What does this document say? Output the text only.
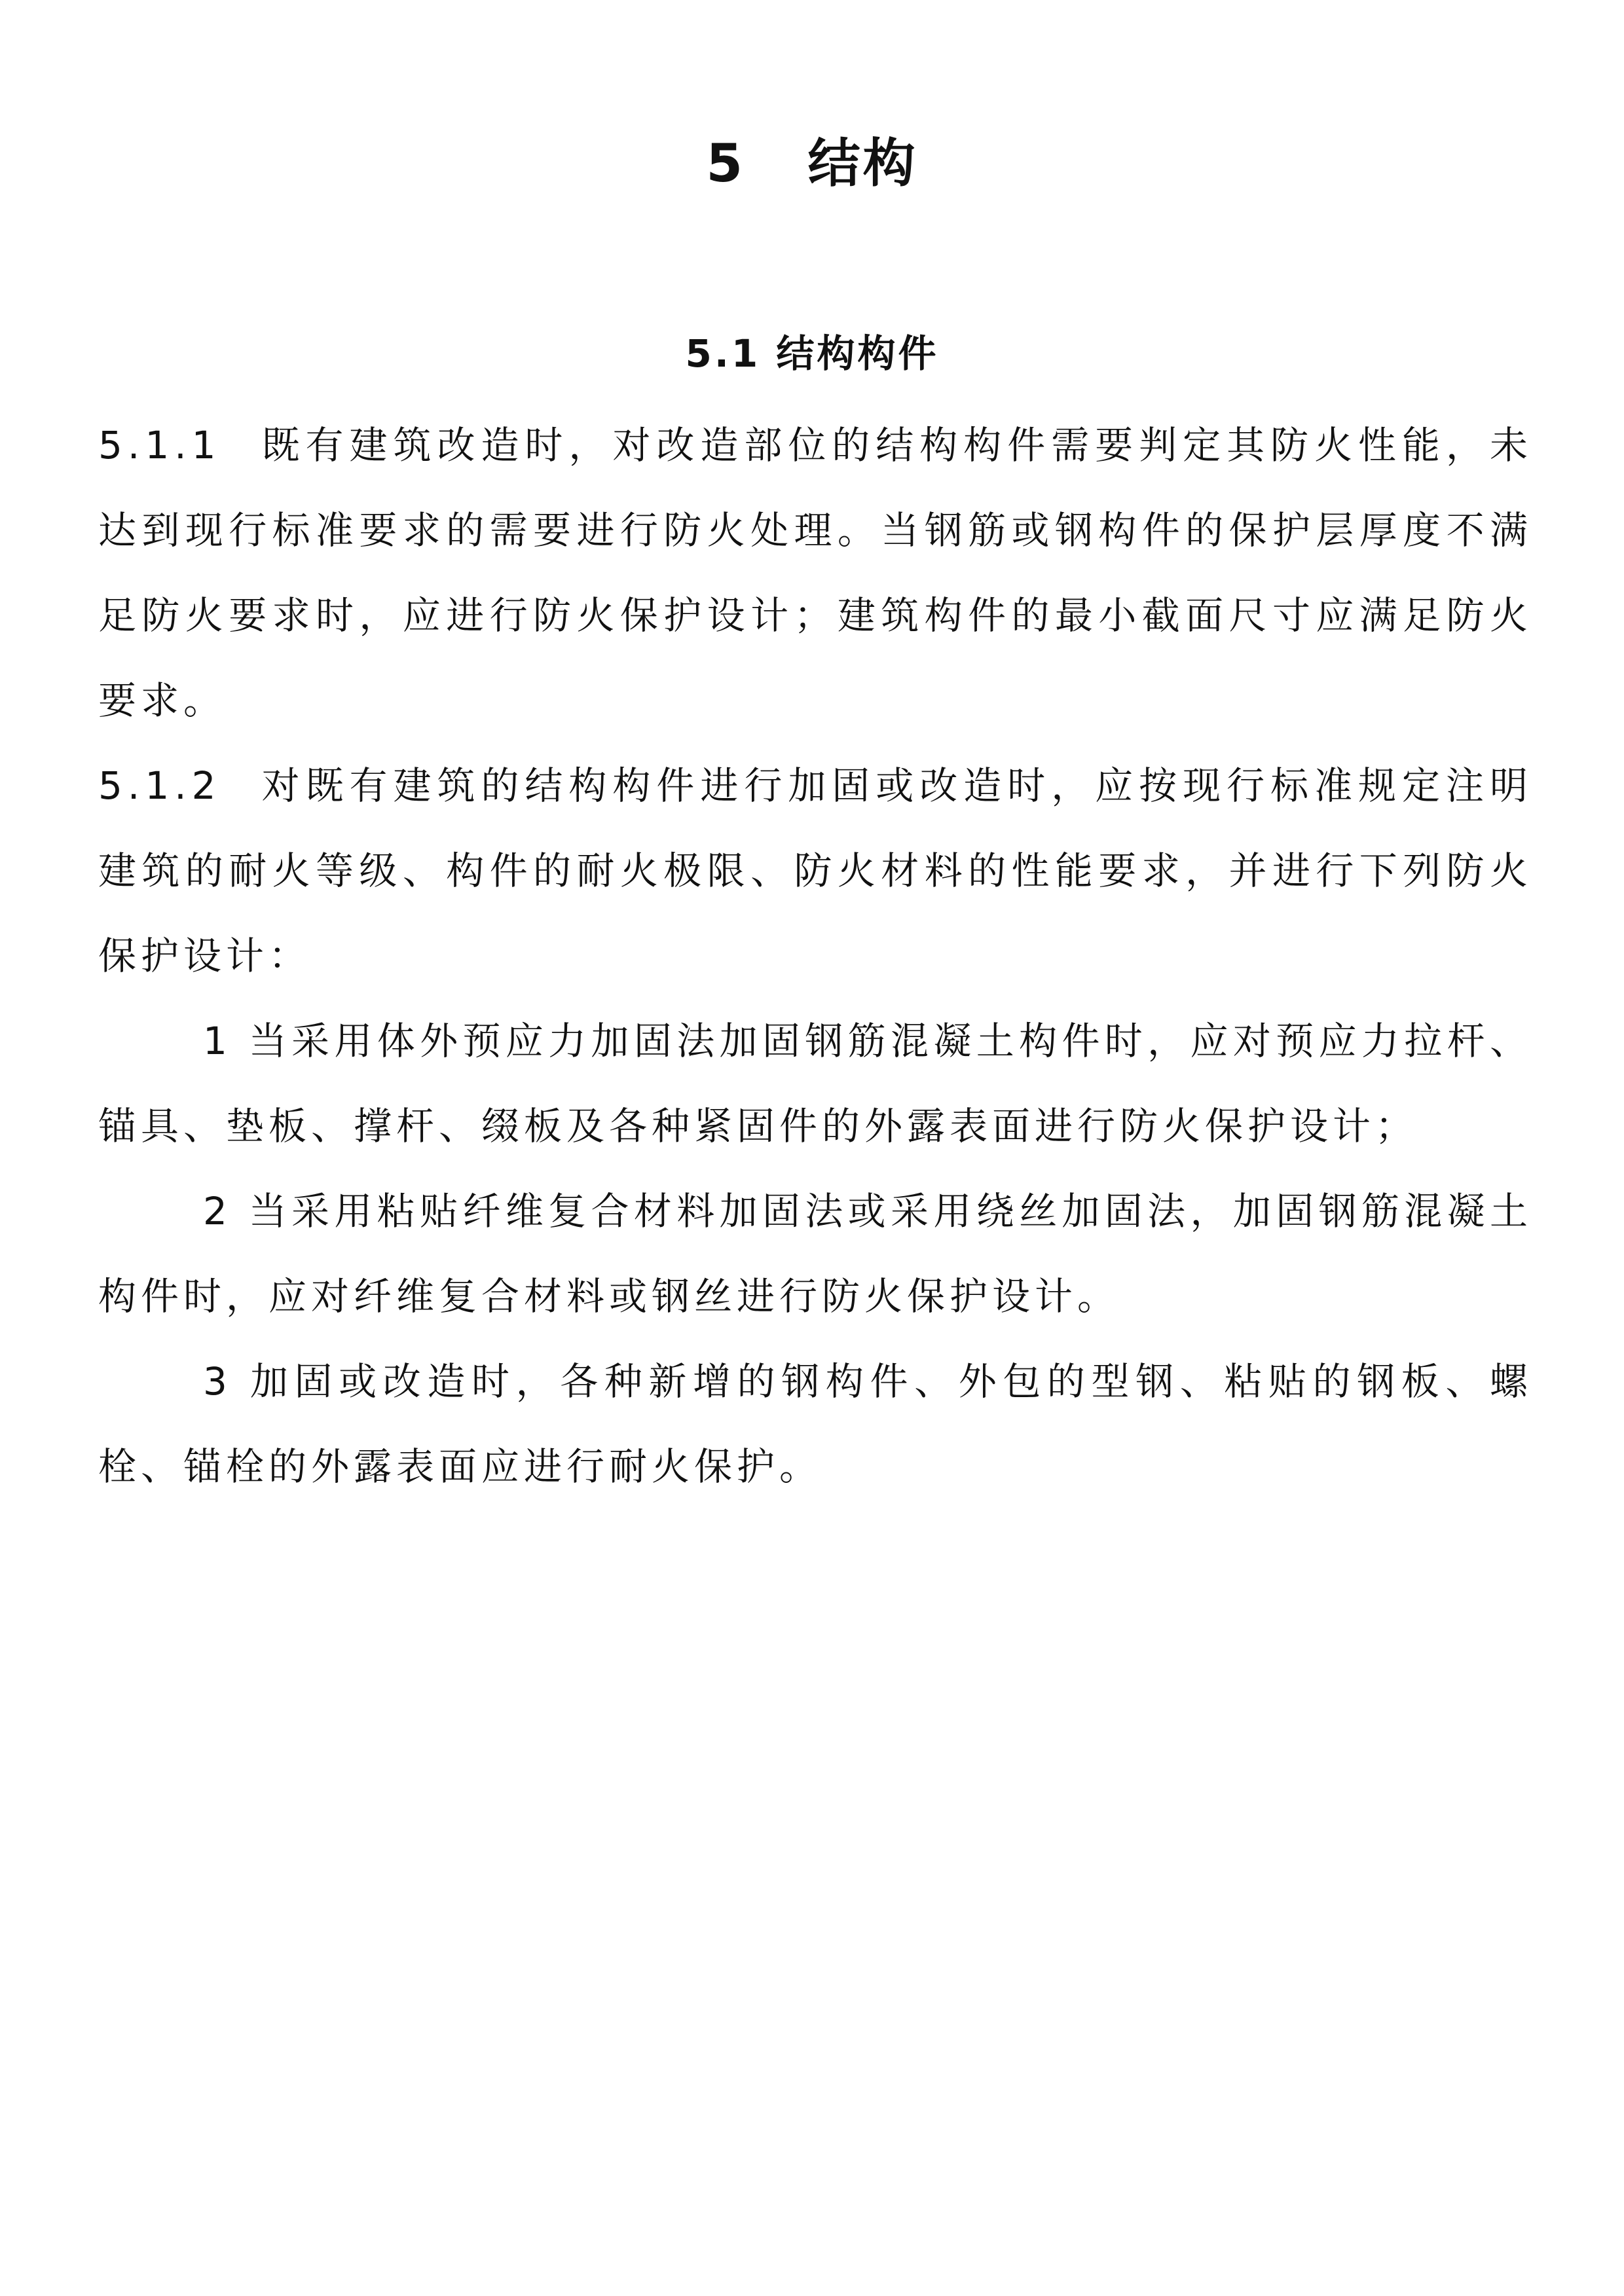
5 结构
5.1 结构构件

5.1.1 既有建筑改造时，对改造部位的结构构件需要判定其防火性能，未达到现行标准要求的需要进行防火处理。当钢筋或钢构件的保护层厚度不满足防火要求时，应进行防火保护设计；建筑构件的最小截面尺寸应满足防火要求。

5.1.2 对既有建筑的结构构件进行加固或改造时，应按现行标准规定注明建筑的耐火等级、构件的耐火极限、防火材料的性能要求，并进行下列防火保护设计：

1 当采用体外预应力加固法加固钢筋混凝土构件时，应对预应力拉杆、锚具、垫板、撑杆、缀板及各种紧固件的外露表面进行防火保护设计；

2 当采用粘贴纤维复合材料加固法或采用绕丝加固法，加固钢筋混凝土构件时，应对纤维复合材料或钢丝进行防火保护设计。

3 加固或改造时，各种新增的钢构件、外包的型钢、粘贴的钢板、螺栓、锚栓的外露表面应进行耐火保护。
